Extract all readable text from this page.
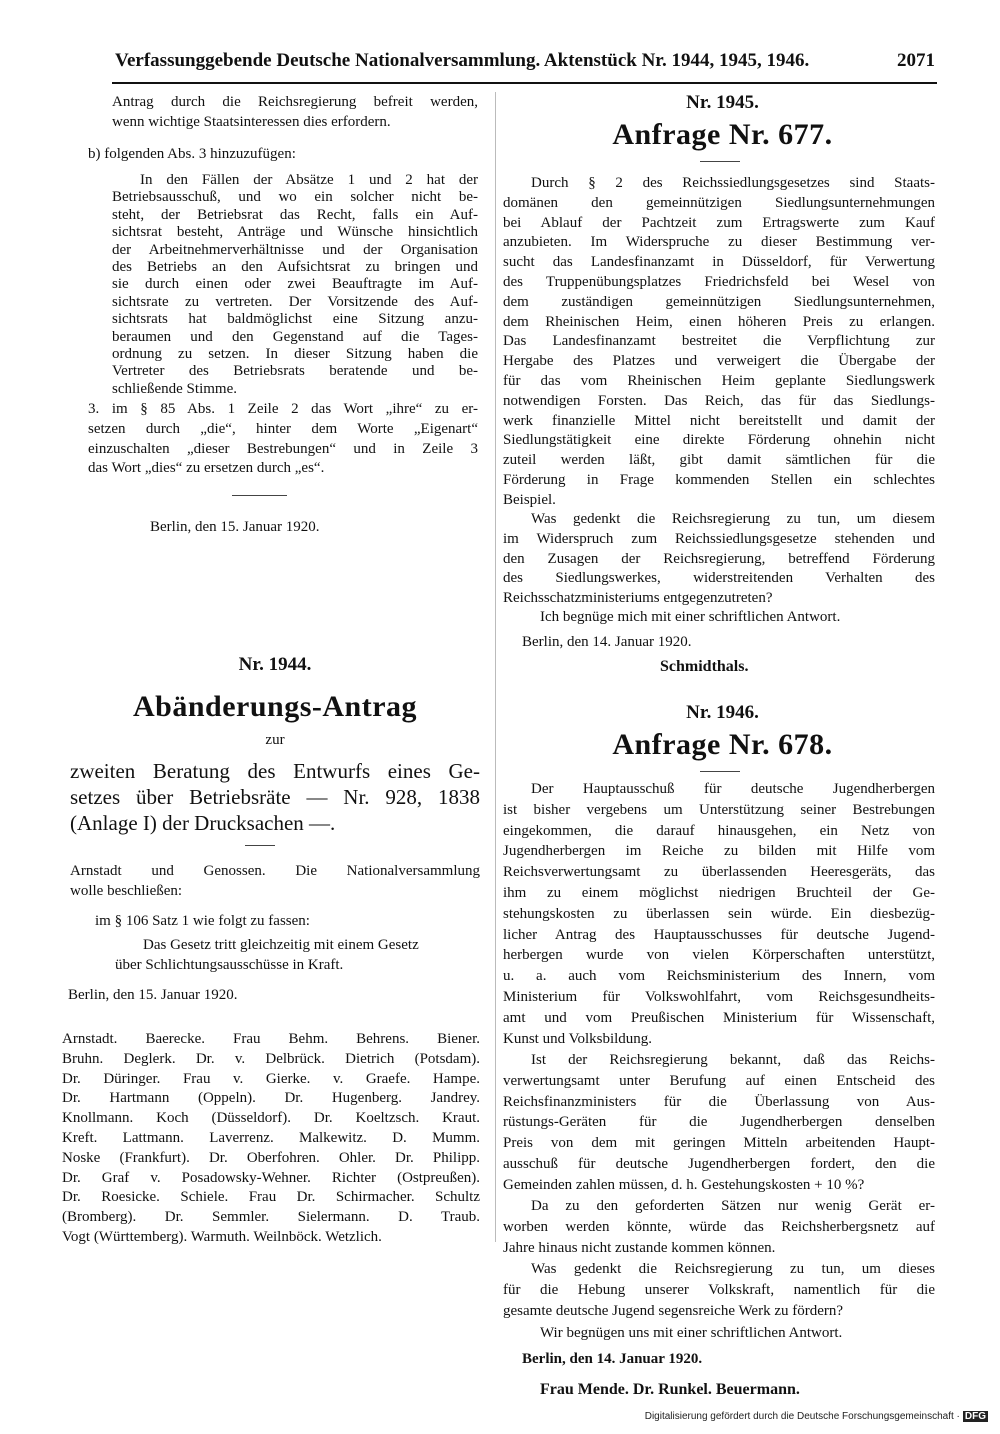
Verfassunggebende Deutsche Nationalversammlung. Aktenstück Nr. 1944, 1945, 1946.	2071
Antrag durch die Reichsregierung befreit werden,
wenn wichtige Staatsinteressen dies erfordern.
b) folgenden Abs. 3 hinzuzufügen:
In den Fällen der Absätze 1 und 2 hat der
Betriebsausschuß, und wo ein solcher nicht be-
steht, der Betriebsrat das Recht, falls ein Auf-
sichtsrat besteht, Anträge und Wünsche hinsichtlich
der Arbeitnehmerverhältnisse und der Organisation
des Betriebs an den Aufsichtsrat zu bringen und
sie durch einen oder zwei Beauftragte im Auf-
sichtsrate zu vertreten. Der Vorsitzende des Auf-
sichtsrats hat baldmöglichst eine Sitzung anzu-
beraumen und den Gegenstand auf die Tages-
ordnung zu setzen. In dieser Sitzung haben die
Vertreter des Betriebsrats beratende und be-
schließende Stimme.
3. im § 85 Abs. 1 Zeile 2 das Wort „ihre“ zu er-
setzen durch „die“, hinter dem Worte „Eigenart“
einzuschalten „dieser Bestrebungen“ und in Zeile 3
das Wort „dies“ zu ersetzen durch „es“.
Berlin, den 15. Januar 1920.
Nr. 1944.
Abänderungs-Antrag
zur
zweiten Beratung des Entwurfs eines Ge-
setzes über Betriebsräte — Nr. 928, 1838
(Anlage I) der Drucksachen —.
Arnstadt und Genossen. Die Nationalversammlung
wolle beschließen:
im § 106 Satz 1 wie folgt zu fassen:
Das Gesetz tritt gleichzeitig mit einem Gesetz
über Schlichtungsausschüsse in Kraft.
Berlin, den 15. Januar 1920.
Arnstadt. Baerecke. Frau Behm. Behrens. Biener.
Bruhn. Deglerk. Dr. v. Delbrück. Dietrich (Potsdam).
Dr. Düringer. Frau v. Gierke. v. Graefe. Hampe.
Dr. Hartmann (Oppeln). Dr. Hugenberg. Jandrey.
Knollmann. Koch (Düsseldorf). Dr. Koeltzsch. Kraut.
Kreft. Lattmann. Laverrenz. Malkewitz. D. Mumm.
Noske (Frankfurt). Dr. Oberfohren. Ohler. Dr. Philipp.
Dr. Graf v. Posadowsky-Wehner. Richter (Ostpreußen).
Dr. Roesicke. Schiele. Frau Dr. Schirmacher. Schultz
(Bromberg). Dr. Semmler. Sielermann. D. Traub.
Vogt (Württemberg). Warmuth. Weilnböck. Wetzlich.
Nr. 1945.
Anfrage Nr. 677.
Durch § 2 des Reichssiedlungsgesetzes sind Staats-
domänen den gemeinnützigen Siedlungsunternehmungen
bei Ablauf der Pachtzeit zum Ertragswerte zum Kauf
anzubieten. Im Widerspruche zu dieser Bestimmung ver-
sucht das Landesfinanzamt in Düsseldorf, für Verwertung
des Truppenübungsplatzes Friedrichsfeld bei Wesel von
dem zuständigen gemeinnützigen Siedlungsunternehmen,
dem Rheinischen Heim, einen höheren Preis zu erlangen.
Das Landesfinanzamt bestreitet die Verpflichtung zur
Hergabe des Platzes und verweigert die Übergabe der
für das vom Rheinischen Heim geplante Siedlungswerk
notwendigen Forsten. Das Reich, das für das Siedlungs-
werk finanzielle Mittel nicht bereitstellt und damit der
Siedlungstätigkeit eine direkte Förderung ohnehin nicht
zuteil werden läßt, gibt damit sämtlichen für die
Förderung in Frage kommenden Stellen ein schlechtes
Beispiel.
Was gedenkt die Reichsregierung zu tun, um diesem
im Widerspruch zum Reichssiedlungsgesetze stehenden und
den Zusagen der Reichsregierung, betreffend Förderung
des Siedlungswerkes, widerstreitenden Verhalten des
Reichsschatzministeriums entgegenzutreten?
Ich begnüge mich mit einer schriftlichen Antwort.
Berlin, den 14. Januar 1920.
Schmidthals.
Nr. 1946.
Anfrage Nr. 678.
Der Hauptausschuß für deutsche Jugendherbergen
ist bisher vergebens um Unterstützung seiner Bestrebungen
eingekommen, die darauf hinausgehen, ein Netz von
Jugendherbergen im Reiche zu bilden mit Hilfe vom
Reichsverwertungsamt zu überlassenden Heeresgeräts, das
ihm zu einem möglichst niedrigen Bruchteil der Ge-
stehungskosten zu überlassen sein würde. Ein diesbezüg-
licher Antrag des Hauptausschusses für deutsche Jugend-
herbergen wurde von vielen Körperschaften unterstützt,
u. a. auch vom Reichsministerium des Innern, vom
Ministerium für Volkswohlfahrt, vom Reichsgesundheits-
amt und vom Preußischen Ministerium für Wissenschaft,
Kunst und Volksbildung.
Ist der Reichsregierung bekannt, daß das Reichs-
verwertungsamt unter Berufung auf einen Entscheid des
Reichsfinanzministers für die Überlassung von Aus-
rüstungs-Geräten für die Jugendherbergen denselben
Preis von dem mit geringen Mitteln arbeitenden Haupt-
ausschuß für deutsche Jugendherbergen fordert, den die
Gemeinden zahlen müssen, d. h. Gestehungskosten + 10 %?
Da zu den geforderten Sätzen nur wenig Gerät er-
worben werden könnte, würde das Reichsherbergsnetz auf
Jahre hinaus nicht zustande kommen können.
Was gedenkt die Reichsregierung zu tun, um dieses
für die Hebung unserer Volkskraft, namentlich für die
gesamte deutsche Jugend segensreiche Werk zu fördern?
Wir begnügen uns mit einer schriftlichen Antwort.
Berlin, den 14. Januar 1920.
Frau Mende. Dr. Runkel. Beuermann.
Digitalisierung gefördert durch die Deutsche Forschungsgemeinschaft · DFG
